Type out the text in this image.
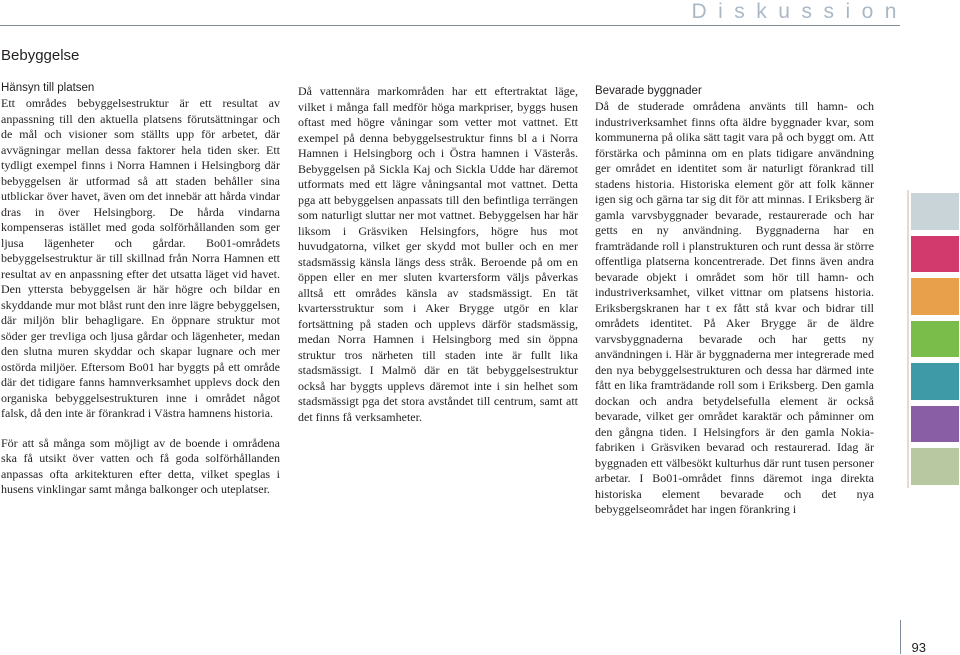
Diskussion
Bebyggelse

Hänsyn till platsen

Ett områdes bebyggelsestruktur är ett resultat av anpassning till den aktuella platsens förutsättningar och de mål och visioner som ställts upp för arbetet, där avvägningar mellan dessa faktorer hela tiden sker. Ett tydligt exempel finns i Norra Hamnen i Helsingborg där bebyggelsen är utformad så att staden behåller sina utblickar över havet, även om det innebär att hårda vindar dras in över Helsingborg. De hårda vindarna kompenseras istället med goda solförhållanden som ger ljusa lägenheter och gårdar. Bo01-områdets bebyggelsestruktur är till skillnad från Norra Hamnen ett resultat av en anpassning efter det utsatta läget vid havet. Den yttersta bebyggelsen är här högre och bildar en skyddande mur mot blåst runt den inre lägre bebyggelsen, där miljön blir behagligare. En öppnare struktur mot söder ger trevliga och ljusa gårdar och lägenheter, medan den slutna muren skyddar och skapar lugnare och mer ostörda miljöer. Eftersom Bo01 har byggts på ett område där det tidigare fanns hamnverksamhet upplevs dock den organiska bebyggelsestrukturen inne i området något falsk, då den inte är förankrad i Västra hamnens historia.

För att så många som möjligt av de boende i områdena ska få utsikt över vatten och få goda solförhållanden anpassas ofta arkitekturen efter detta, vilket speglas i husens vinklingar samt många balkonger och uteplatser.

Då vattennära markområden har ett eftertraktat läge, vilket i många fall medför höga markpriser, byggs husen oftast med högre våningar som vetter mot vattnet. Ett exempel på denna bebyggelsestruktur finns bl a i Norra Hamnen i Helsingborg och i Östra hamnen i Västerås. Bebyggelsen på Sickla Kaj och Sickla Udde har däremot utformats med ett lägre våningsantal mot vattnet. Detta pga att bebyggelsen anpassats till den befintliga terrängen som naturligt sluttar ner mot vattnet. Bebyggelsen har här liksom i Gräsviken Helsingfors, högre hus mot huvudgatorna, vilket ger skydd mot buller och en mer stadsmässig känsla längs dess stråk. Beroende på om en öppen eller en mer sluten kvartersform väljs påverkas alltså ett områdes känsla av stadsmässigt. En tät kvartersstruktur som i Aker Brygge utgör en klar fortsättning på staden och upplevs därför stadsmässig, medan Norra Hamnen i Helsingborg med sin öppna struktur tros närheten till staden inte är fullt lika stadsmässigt. I Malmö där en tät bebyggelsestruktur också har byggts upplevs däremot inte i sin helhet som stadsmässigt pga det stora avståndet till centrum, samt att det finns få verksamheter.

Bevarade byggnader

Då de studerade områdena använts till hamn- och industriverksamhet finns ofta äldre byggnader kvar, som kommunerna på olika sätt tagit vara på och byggt om. Att förstärka och påminna om en plats tidigare användning ger området en identitet som är naturligt förankrad till stadens historia. Historiska element gör att folk känner igen sig och gärna tar sig dit för att minnas. I Eriksberg är gamla varvsbyggnader bevarade, restaurerade och har getts en ny användning. Byggnaderna har en framträdande roll i planstrukturen och runt dessa är större offentliga platserna koncentrerade. Det finns även andra bevarade objekt i området som hör till hamn- och industriverksamhet, vilket vittnar om platsens historia. Eriksbergskranen har t ex fått stå kvar och bidrar till områdets identitet. På Aker Brygge är de äldre varvsbyggnaderna bevarade och har getts ny användningen i. Här är byggnaderna mer integrerade med den nya bebyggelsestrukturen och dessa har därmed inte fått en lika framträdande roll som i Eriksberg. Den gamla dockan och andra betydelsefulla element är också bevarade, vilket ger området karaktär och påminner om den gångna tiden. I Helsingfors är den gamla Nokia- fabriken i Gräsviken bevarad och restaurerad. Idag är byggnaden ett välbesökt kulturhus där runt tusen personer arbetar. I Bo01-området finns däremot inga direkta historiska element bevarade och det nya bebyggelseområdet har ingen förankring i

93
